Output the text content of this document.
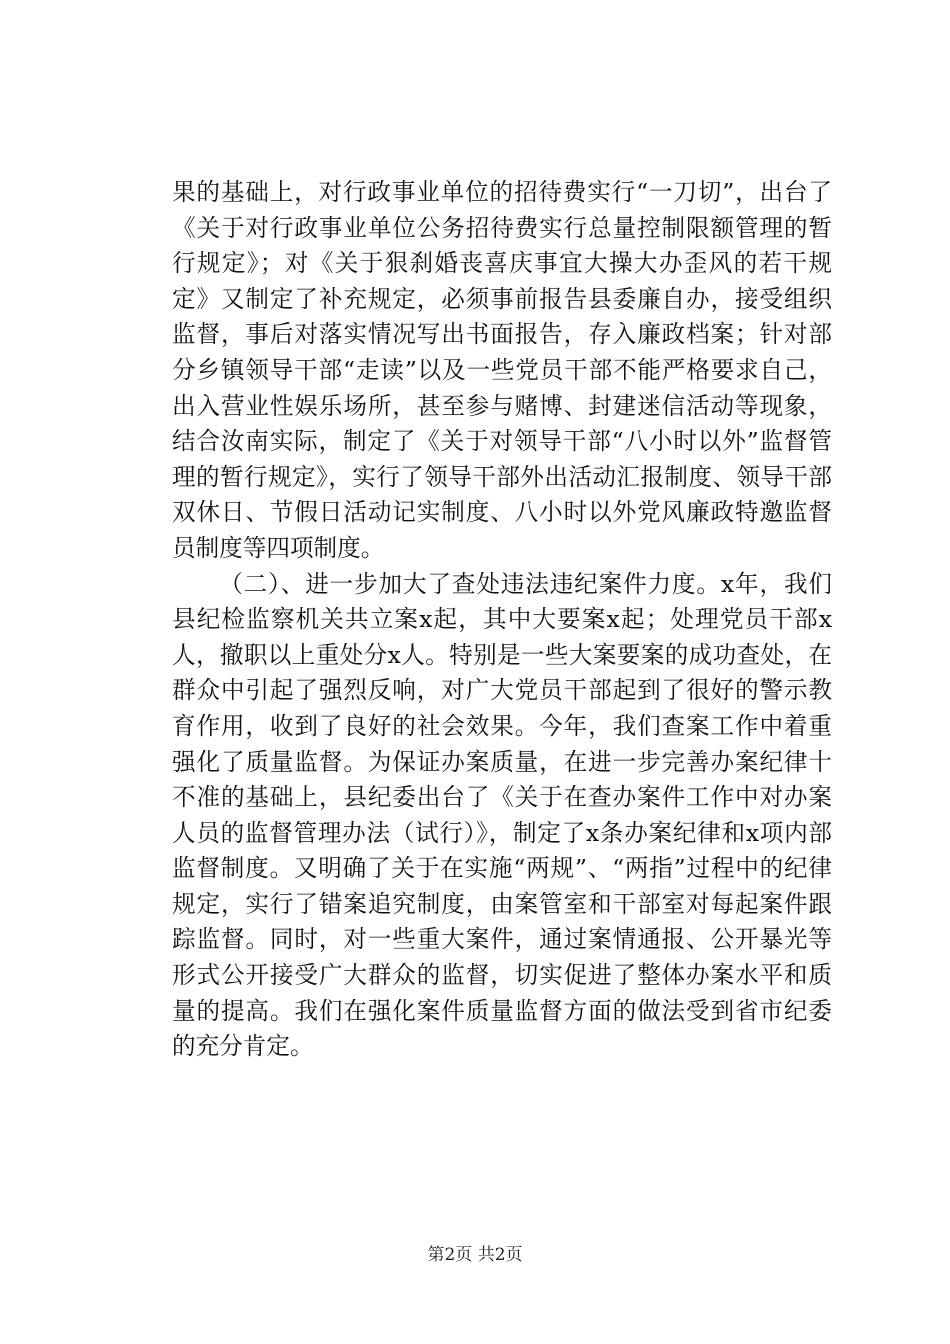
果的基础上，对行政事业单位的招待费实行“一刀切”，出台了《关于对行政事业单位公务招待费实行总量控制限额管理的暂行规定》；对《关于狠刹婚丧喜庆事宜大操大办歪风的若干规定》又制定了补充规定，必须事前报告县委廉自办，接受组织监督，事后对落实情况写出书面报告，存入廉政档案；针对部分乡镇领导干部“走读”以及一些党员干部不能严格要求自己，出入营业性娱乐场所，甚至参与赌博、封建迷信活动等现象，结合汝南实际，制定了《关于对领导干部“八小时以外”监督管理的暂行规定》，实行了领导干部外出活动汇报制度、领导干部双休日、节假日活动记实制度、八小时以外党风廉政特邀监督员制度等四项制度。

（二）、进一步加大了查处违法违纪案件力度。x年，我们县纪检监察机关共立案x起，其中大要案x起；处理党员干部x人，撤职以上重处分x人。特别是一些大案要案的成功查处，在群众中引起了强烈反响，对广大党员干部起到了很好的警示教育作用，收到了良好的社会效果。今年，我们查案工作中着重强化了质量监督。为保证办案质量，在进一步完善办案纪律十不准的基础上，县纪委出台了《关于在查办案件工作中对办案人员的监督管理办法（试行）》，制定了x条办案纪律和x项内部监督制度。又明确了关于在实施“两规”、“两指”过程中的纪律规定，实行了错案追究制度，由案管室和干部室对每起案件跟踪监督。同时，对一些重大案件，通过案情通报、公开暴光等形式公开接受广大群众的监督，切实促进了整体办案水平和质量的提高。我们在强化案件质量监督方面的做法受到省市纪委的充分肯定。

第2页 共2页
